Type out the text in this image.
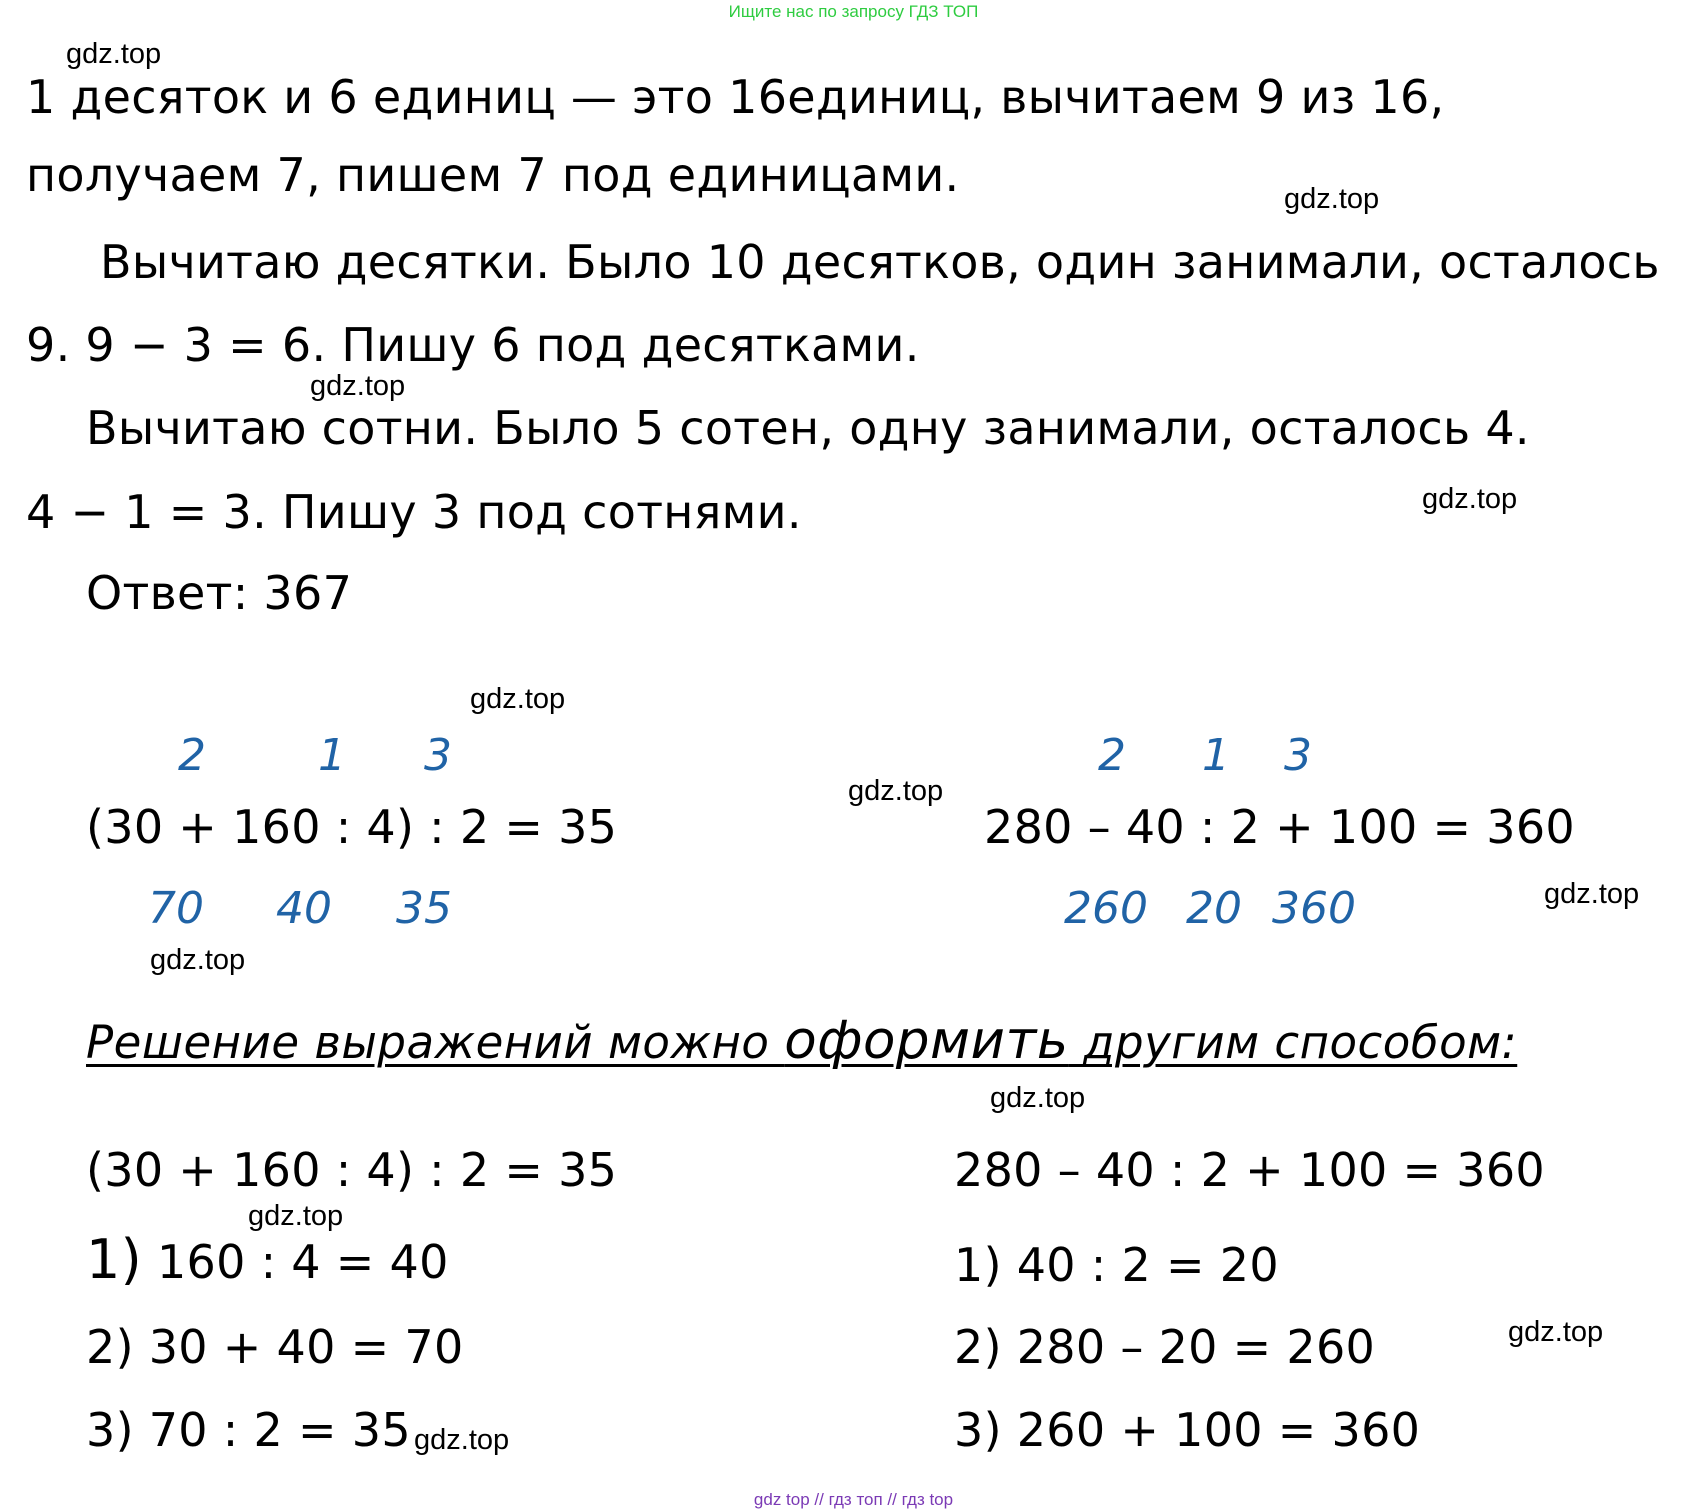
Ищите нас по запросу ГДЗ ТОП
1 десяток и 6 единиц — это 16единиц, вычитаем 9 из 16,
получаем 7, пишем 7 под единицами.
Вычитаю десятки. Было 10 десятков, один занимали, осталось
9. 9 − 3 = 6. Пишу 6 под десятками.
Вычитаю сотни. Было 5 сотен, одну занимали, осталось 4.
4 − 1 = 3. Пишу 3 под сотнями.
Ответ: 367
2	1 3
(30 + 160 : 4) : 2 = 35
70 40 35
2 1 3
280 – 40 : 2 + 100 = 360
260 20 360
Решение выражений можно оформить другим способом:
(30 + 160 : 4) : 2 = 35
1) 160 : 4 = 40
2) 30 + 40 = 70
3) 70 : 2 = 35
280 – 40 : 2 + 100 = 360
1) 40 : 2 = 20
2) 280 – 20 = 260
3) 260 + 100 = 360
gdz.top
gdz.top
gdz.top
gdz.top
gdz.top
gdz.top
gdz.top
gdz.top
gdz.top
gdz.top
gdz.top
gdz.top
gdz top // гдз топ // гдз top
